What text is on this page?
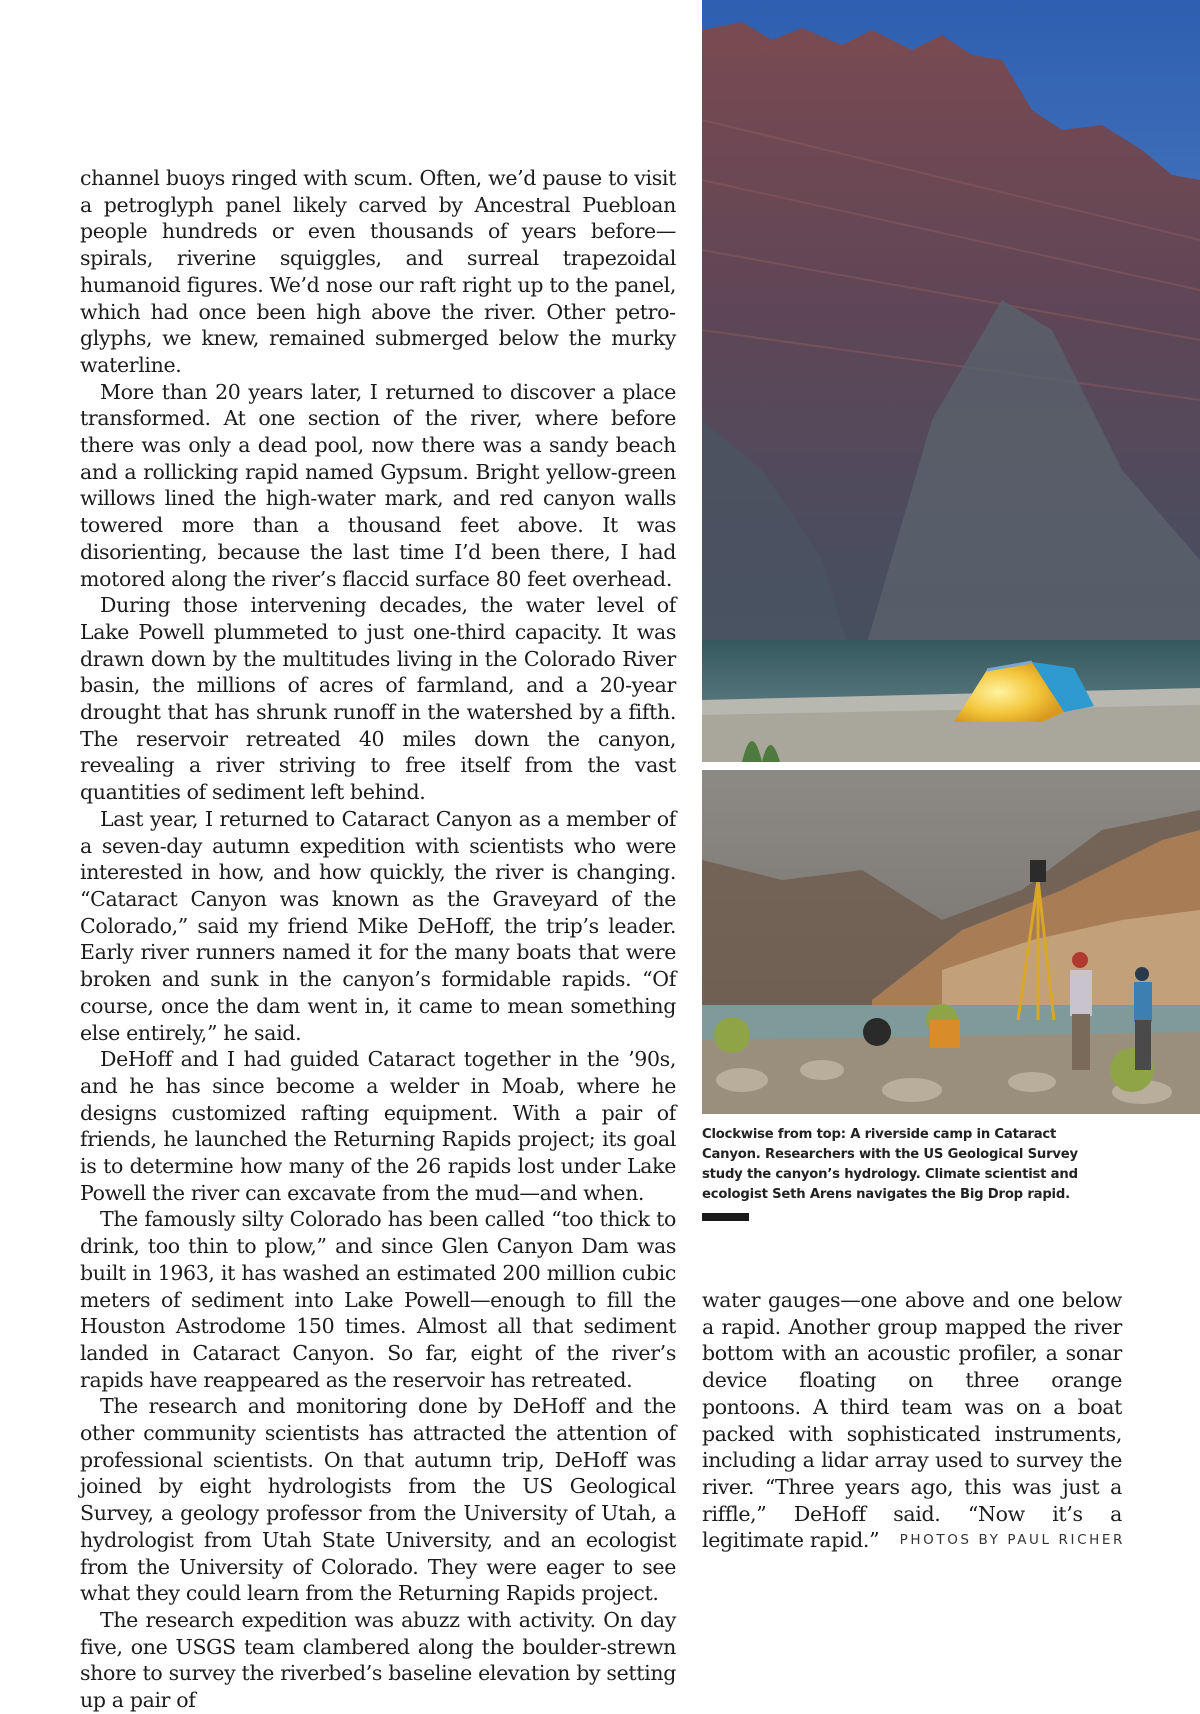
channel buoys ringed with scum. Often, we’d pause to visit a petroglyph panel likely carved by Ancestral Puebloan people hundreds or even thousands of years before—spirals, riverine squiggles, and surreal trapezoidal humanoid figures. We’d nose our raft right up to the panel, which had once been high above the river. Other petroglyphs, we knew, remained submerged below the murky waterline.

More than 20 years later, I returned to discover a place transformed. At one section of the river, where before there was only a dead pool, now there was a sandy beach and a rollicking rapid named Gypsum. Bright yellow-green willows lined the high-water mark, and red canyon walls towered more than a thousand feet above. It was disorienting, because the last time I’d been there, I had motored along the river’s flaccid surface 80 feet overhead.

During those intervening decades, the water level of Lake Powell plummeted to just one-third capacity. It was drawn down by the multitudes living in the Colorado River basin, the millions of acres of farmland, and a 20-year drought that has shrunk runoff in the watershed by a fifth. The reservoir retreated 40 miles down the canyon, revealing a river striving to free itself from the vast quantities of sediment left behind.

Last year, I returned to Cataract Canyon as a member of a seven-day autumn expedition with scientists who were interested in how, and how quickly, the river is changing. “Cataract Canyon was known as the Graveyard of the Colorado,” said my friend Mike DeHoff, the trip’s leader. Early river runners named it for the many boats that were broken and sunk in the canyon’s formidable rapids. “Of course, once the dam went in, it came to mean something else entirely,” he said.

DeHoff and I had guided Cataract together in the ’90s, and he has since become a welder in Moab, where he designs customized rafting equipment. With a pair of friends, he launched the Returning Rapids project; its goal is to determine how many of the 26 rapids lost under Lake Powell the river can excavate from the mud—and when.

The famously silty Colorado has been called “too thick to drink, too thin to plow,” and since Glen Canyon Dam was built in 1963, it has washed an estimated 200 million cubic meters of sediment into Lake Powell—enough to fill the Houston Astrodome 150 times. Almost all that sediment landed in Cataract Canyon. So far, eight of the river’s rapids have reappeared as the reservoir has retreated.

The research and monitoring done by DeHoff and the other community scientists has attracted the attention of professional scientists. On that autumn trip, DeHoff was joined by eight hydrologists from the US Geological Survey, a geology professor from the University of Utah, a hydrologist from Utah State University, and an ecologist from the University of Colorado. They were eager to see what they could learn from the Returning Rapids project.

The research expedition was abuzz with activity. On day five, one USGS team clambered along the boulder-strewn shore to survey the riverbed’s baseline elevation by setting up a pair of

Clockwise from top: A riverside camp in Cataract Canyon. Researchers with the US Geological Survey study the canyon’s hydrology. Climate scientist and ecologist Seth Arens navigates the Big Drop rapid.

water gauges—one above and one below a rapid. Another group mapped the river bottom with an acoustic profiler, a sonar device floating on three orange pontoons. A third team was on a boat packed with sophisticated instruments, including a lidar array used to survey the river. “Three years ago, this was just a riffle,” DeHoff said. “Now it’s a legitimate rapid.”	PHOTOS BY PAUL RICHER
